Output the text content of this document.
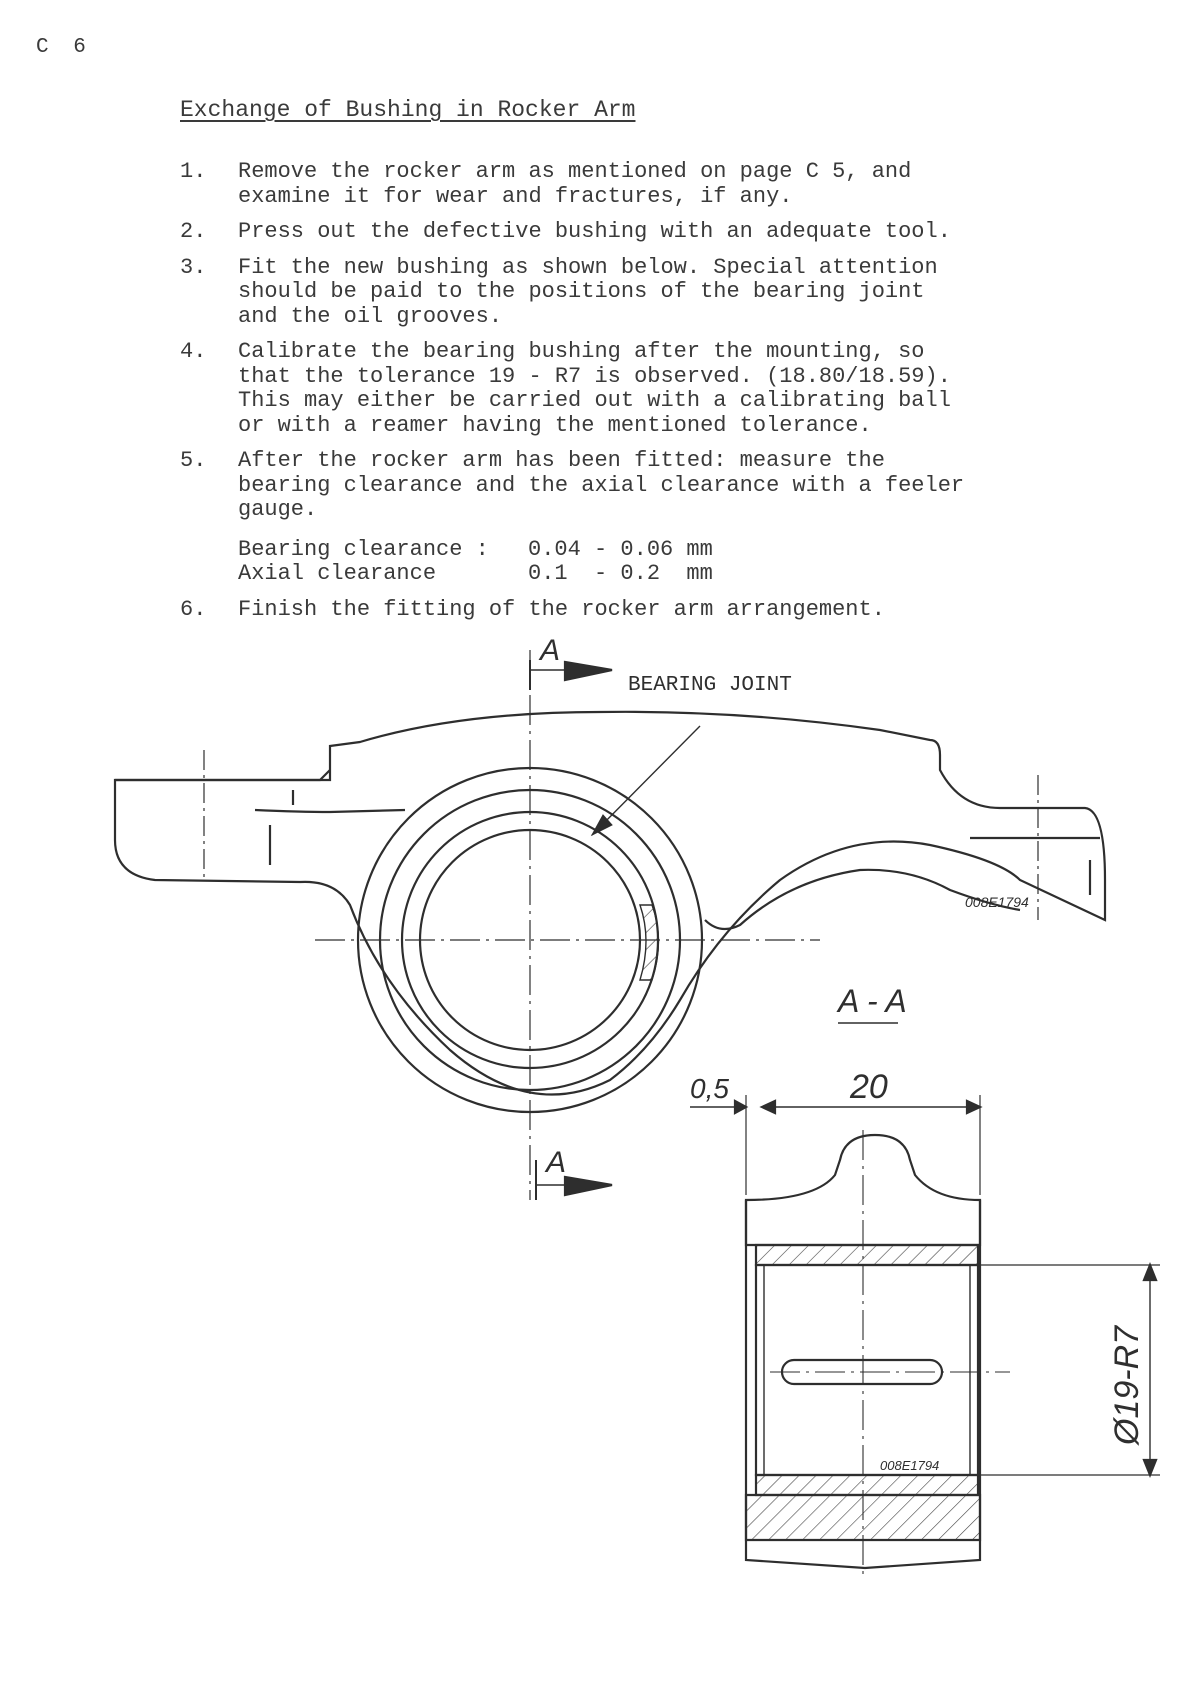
C 6
Exchange of Bushing in Rocker Arm
1. Remove the rocker arm as mentioned on page C 5, and
examine it for wear and fractures, if any.
2. Press out the defective bushing with an adequate tool.
3. Fit the new bushing as shown below. Special attention
should be paid to the positions of the bearing joint
and the oil grooves.
4. Calibrate the bearing bushing after the mounting, so
that the tolerance 19 - R7 is observed. (18.80/18.59).
This may either be carried out with a calibrating ball
or with a reamer having the mentioned tolerance.
5. After the rocker arm has been fitted: measure the
bearing clearance and the axial clearance with a feeler
gauge.
Bearing clearance :	0.04 - 0.06 mm
Axial clearance	0.1  - 0.2  mm
6. Finish the fitting of the rocker arm arrangement.
A
A
BEARING JOINT
008E1794
A - A
0,5	20
Ø19-R7
008E1794
